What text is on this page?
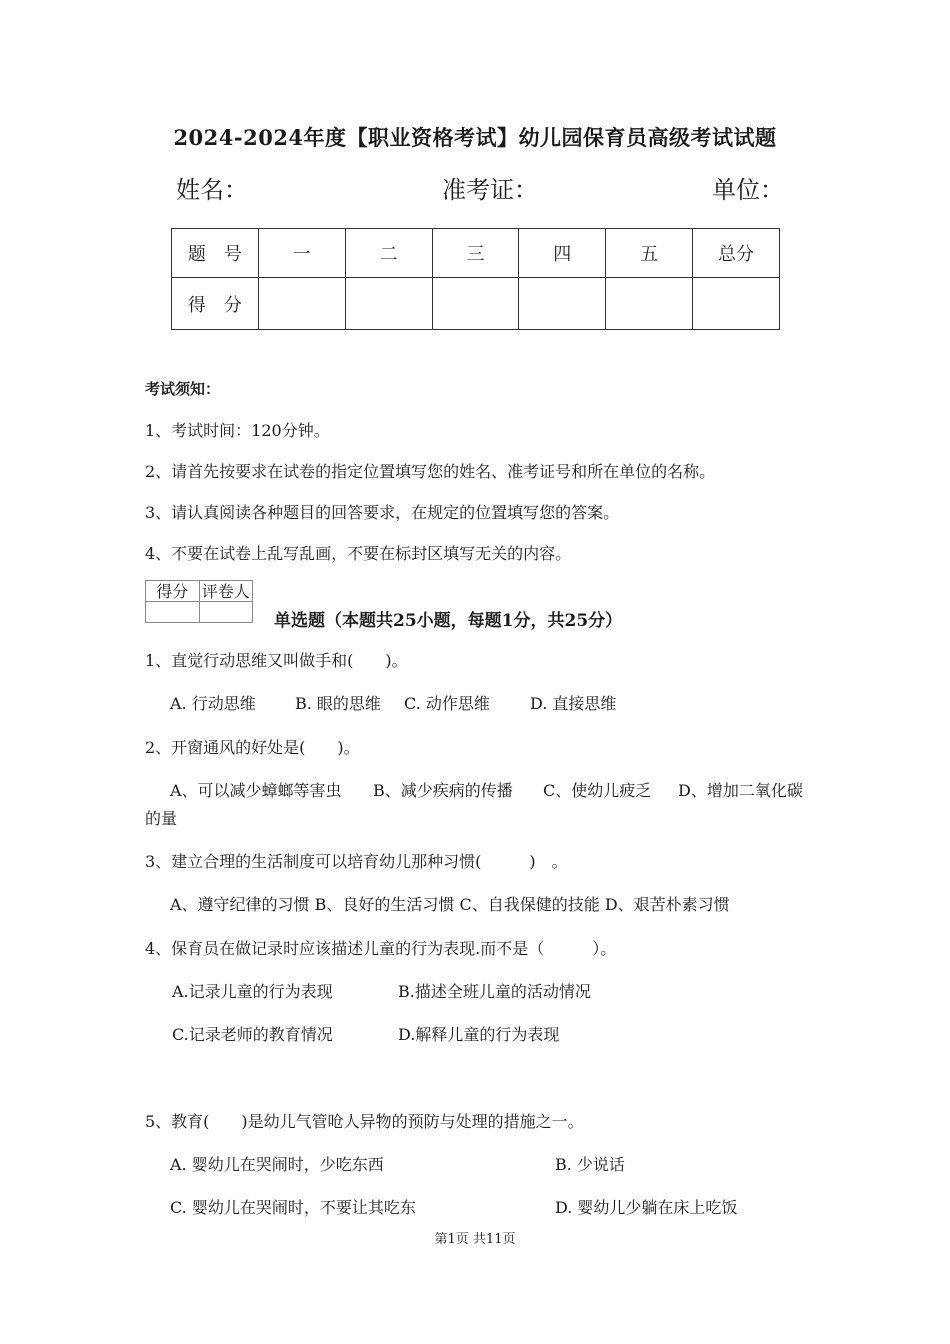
2024-2024年度【职业资格考试】幼儿园保育员高级考试试题
姓名：	准考证：	单位：
题　号	一	二	三	四	五	总分
得　分						
考试须知：
1、考试时间：120分钟。
2、请首先按要求在试卷的指定位置填写您的姓名、准考证号和所在单位的名称。
3、请认真阅读各种题目的回答要求，在规定的位置填写您的答案。
4、不要在试卷上乱写乱画，不要在标封区填写无关的内容。
得分	评卷人

单选题（本题共25小题，每题1分，共25分）
1、直觉行动思维又叫做手和(　　)。
A. 行动思维 B. 眼的思维 C. 动作思维	D. 直接思维
2、开窗通风的好处是(　　)。
A、可以减少蟑螂等害虫 B、减少疾病的传播 C、使幼儿疲乏 D、增加二氧化碳
的量
3、建立合理的生活制度可以培育幼儿那种习惯(　　　)　。
A、遵守纪律的习惯 B、良好的生活习惯 C、自我保健的技能 D、艰苦朴素习惯
4、保育员在做记录时应该描述儿童的行为表现.而不是（　　　）。
A.记录儿童的行为表现	B.描述全班儿童的活动情况
C.记录老师的教育情况	D.解释儿童的行为表现
5、教育(　　)是幼儿气管呛人异物的预防与处理的措施之一。
A. 婴幼儿在哭闹时，少吃东西	B. 少说话
C. 婴幼儿在哭闹时，不要让其吃东	D. 婴幼儿少躺在床上吃饭
第1页 共11页
